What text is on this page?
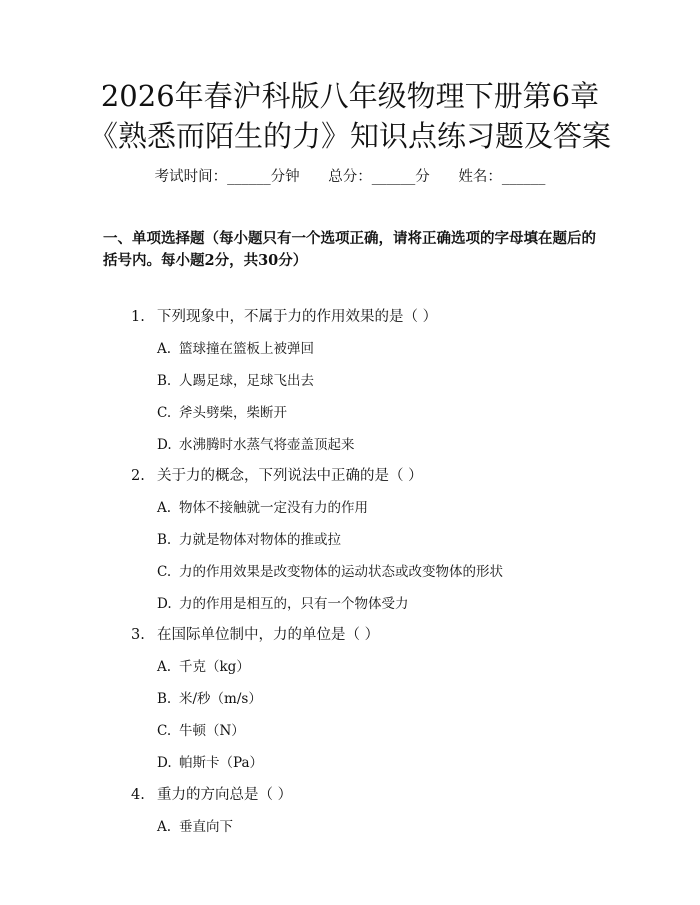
2026年春沪科版八年级物理下册第6章《熟悉而陌生的力》知识点练习题及答案
考试时间：______分钟 总分：______分 姓名：______

一、单项选择题（每小题只有一个选项正确，请将正确选项的字母填在题后的括号内。每小题2分，共30分）

1. 下列现象中，不属于力的作用效果的是（ ）
A. 篮球撞在篮板上被弹回
B. 人踢足球，足球飞出去
C. 斧头劈柴，柴断开
D. 水沸腾时水蒸气将壶盖顶起来
2. 关于力的概念，下列说法中正确的是（ ）
A. 物体不接触就一定没有力的作用
B. 力就是物体对物体的推或拉
C. 力的作用效果是改变物体的运动状态或改变物体的形状
D. 力的作用是相互的，只有一个物体受力
3. 在国际单位制中，力的单位是（ ）
A. 千克（kg）
B. 米/秒（m/s）
C. 牛顿（N）
D. 帕斯卡（Pa）
4. 重力的方向总是（ ）
A. 垂直向下
